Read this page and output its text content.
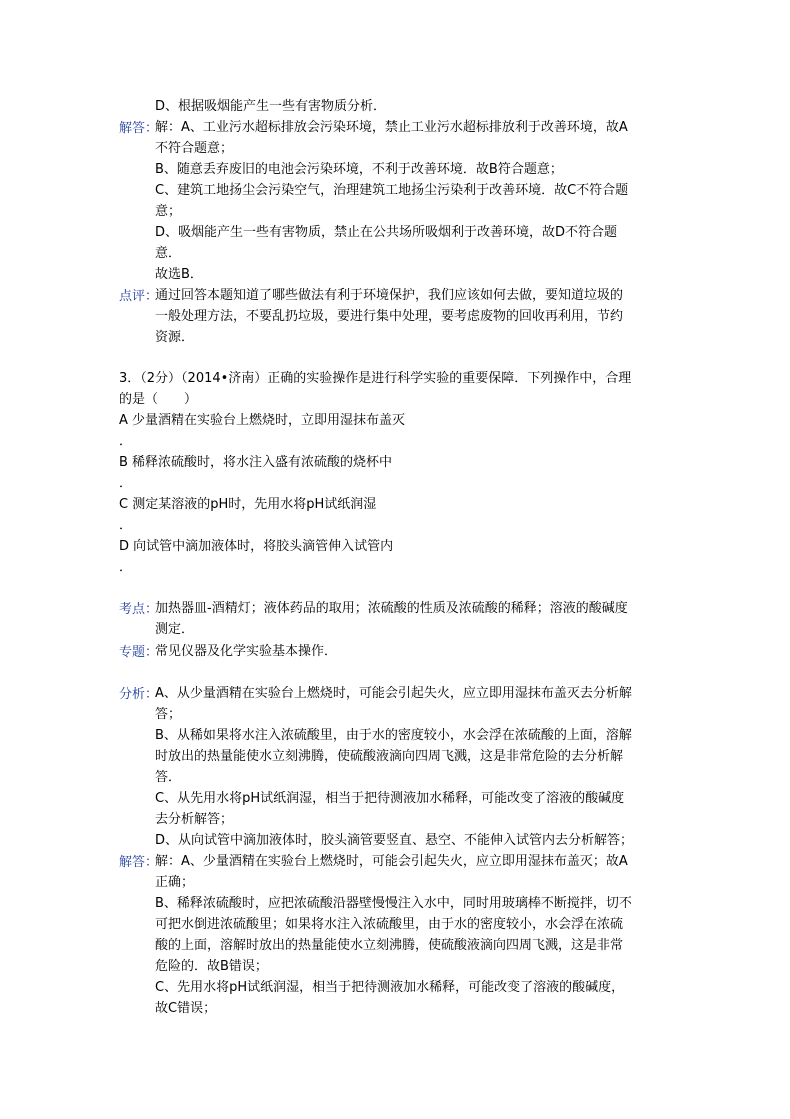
D、根据吸烟能产生一些有害物质分析．
解答：
解：A、工业污水超标排放会污染环境，禁止工业污水超标排放利于改善环境，故A
不符合题意；
B、随意丢弃废旧的电池会污染环境，不利于改善环境．故B符合题意；
C、建筑工地扬尘会污染空气，治理建筑工地扬尘污染利于改善环境．故C不符合题
意；
D、吸烟能产生一些有害物质，禁止在公共场所吸烟利于改善环境，故D不符合题
意．
故选B．
点评：
通过回答本题知道了哪些做法有利于环境保护，我们应该如何去做，要知道垃圾的
一般处理方法，不要乱扔垃圾，要进行集中处理，要考虑废物的回收再利用，节约
资源．
3．（2分）（2014•济南）正确的实验操作是进行科学实验的重要保障．下列操作中，合理
的是（　　）
A 少量酒精在实验台上燃烧时，立即用湿抹布盖灭
．
B 稀释浓硫酸时，将水注入盛有浓硫酸的烧杯中
．
C 测定某溶液的pH时，先用水将pH试纸润湿
．
D 向试管中滴加液体时，将胶头滴管伸入试管内
．
考点：
加热器皿-酒精灯；液体药品的取用；浓硫酸的性质及浓硫酸的稀释；溶液的酸碱度
测定．
专题：
常见仪器及化学实验基本操作．
分析：
A、从少量酒精在实验台上燃烧时，可能会引起失火，应立即用湿抹布盖灭去分析解
答；
B、从稀如果将水注入浓硫酸里，由于水的密度较小，水会浮在浓硫酸的上面，溶解
时放出的热量能使水立刻沸腾，使硫酸液滴向四周飞溅，这是非常危险的去分析解
答．
C、从先用水将pH试纸润湿，相当于把待测液加水稀释，可能改变了溶液的酸碱度
去分析解答；
D、从向试管中滴加液体时，胶头滴管要竖直、悬空、不能伸入试管内去分析解答；
解答：
解：A、少量酒精在实验台上燃烧时，可能会引起失火，应立即用湿抹布盖灭；故A
正确；
B、稀释浓硫酸时，应把浓硫酸沿器壁慢慢注入水中，同时用玻璃棒不断搅拌，切不
可把水倒进浓硫酸里；如果将水注入浓硫酸里，由于水的密度较小，水会浮在浓硫
酸的上面，溶解时放出的热量能使水立刻沸腾，使硫酸液滴向四周飞溅，这是非常
危险的．故B错误；
C、先用水将pH试纸润湿，相当于把待测液加水稀释，可能改变了溶液的酸碱度，
故C错误；
